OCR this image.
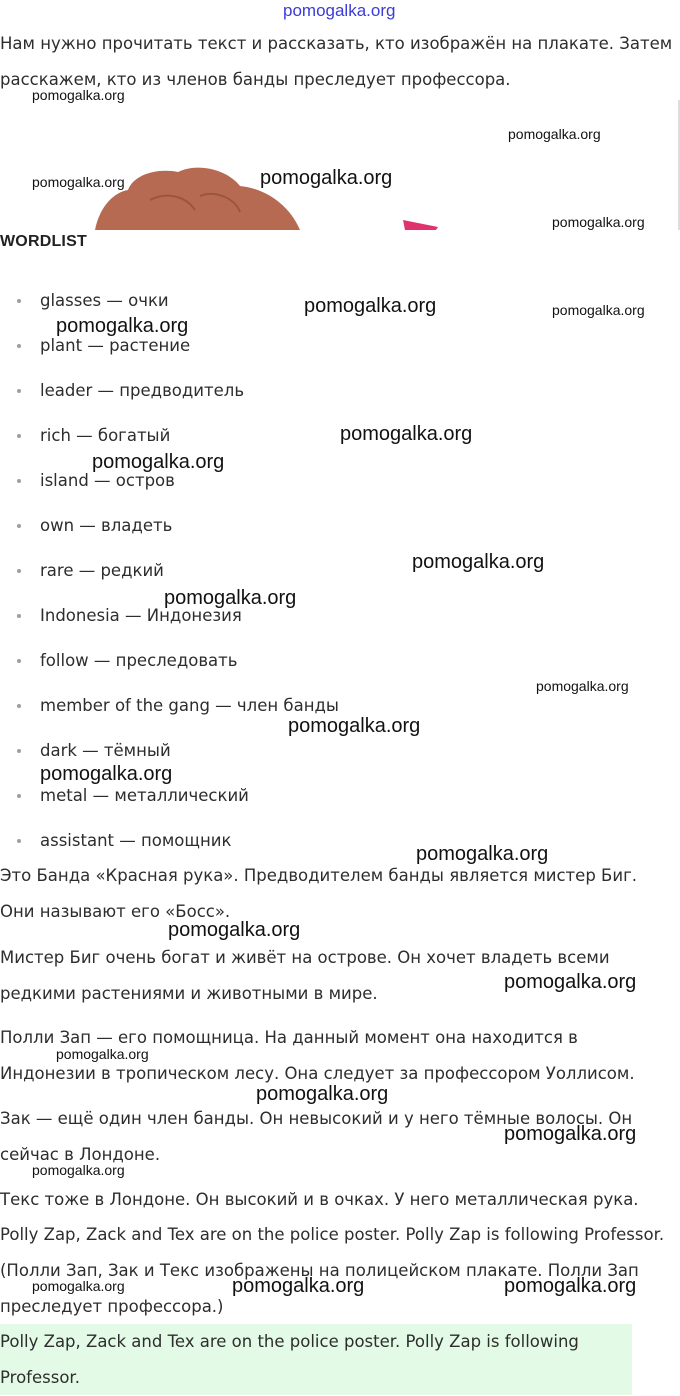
pomogalka.org

Нам нужно прочитать текст и рассказать, кто изображён на плакате. Затем расскажем, кто из членов банды преследует профессора.

WORDLIST
glasses — очки
plant — растение
leader — предводитель
rich — богатый
island — остров
own — владеть
rare — редкий
Indonesia — Индонезия
follow — преследовать
member of the gang — член банды
dark — тёмный
metal — металлический
assistant — помощник

Это Банда «Красная рука». Предводителем банды является мистер Биг. Они называют его «Босс».

Мистер Биг очень богат и живёт на острове. Он хочет владеть всеми редкими растениями и животными в мире.

Полли Зап — его помощница. На данный момент она находится в Индонезии в тропическом лесу. Она следует за профессором Уоллисом.

Зак — ещё один член банды. Он невысокий и у него тёмные волосы. Он сейчас в Лондоне.

Текс тоже в Лондоне. Он высокий и в очках. У него металлическая рука.

Polly Zap, Zack and Tex are on the police poster. Polly Zap is following Professor.

(Полли Зап, Зак и Текс изображены на полицейском плакате. Полли Зап преследует профессора.)

Polly Zap, Zack and Tex are on the police poster. Polly Zap is following Professor.

pomogalka.org
pomogalka.org
pomogalka.org	pomogalka.org
pomogalka.org
pomogalka.org	pomogalka.org
pomogalka.org
pomogalka.org
pomogalka.org
pomogalka.org
pomogalka.org
pomogalka.org
pomogalka.org
pomogalka.org
pomogalka.org
pomogalka.org
pomogalka.org
pomogalka.org
pomogalka.org
pomogalka.org
pomogalka.org
pomogalka.org	pomogalka.org	pomogalka.org
